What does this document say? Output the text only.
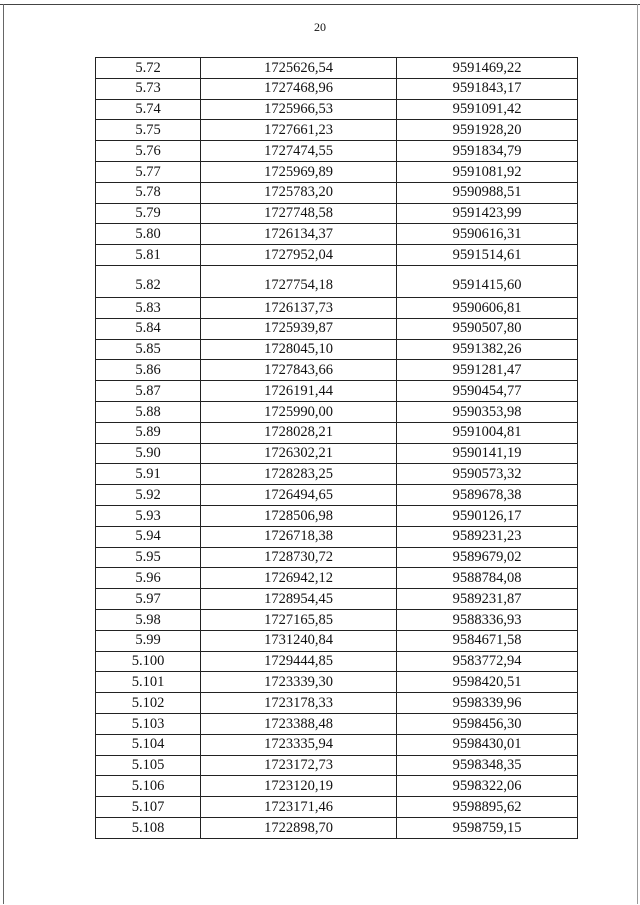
20
5.72	1725626,54	9591469,22
5.73	1727468,96	9591843,17
5.74	1725966,53	9591091,42
5.75	1727661,23	9591928,20
5.76	1727474,55	9591834,79
5.77	1725969,89	9591081,92
5.78	1725783,20	9590988,51
5.79	1727748,58	9591423,99
5.80	1726134,37	9590616,31
5.81	1727952,04	9591514,61
5.82	1727754,18	9591415,60
5.83	1726137,73	9590606,81
5.84	1725939,87	9590507,80
5.85	1728045,10	9591382,26
5.86	1727843,66	9591281,47
5.87	1726191,44	9590454,77
5.88	1725990,00	9590353,98
5.89	1728028,21	9591004,81
5.90	1726302,21	9590141,19
5.91	1728283,25	9590573,32
5.92	1726494,65	9589678,38
5.93	1728506,98	9590126,17
5.94	1726718,38	9589231,23
5.95	1728730,72	9589679,02
5.96	1726942,12	9588784,08
5.97	1728954,45	9589231,87
5.98	1727165,85	9588336,93
5.99	1731240,84	9584671,58
5.100	1729444,85	9583772,94
5.101	1723339,30	9598420,51
5.102	1723178,33	9598339,96
5.103	1723388,48	9598456,30
5.104	1723335,94	9598430,01
5.105	1723172,73	9598348,35
5.106	1723120,19	9598322,06
5.107	1723171,46	9598895,62
5.108	1722898,70	9598759,15
